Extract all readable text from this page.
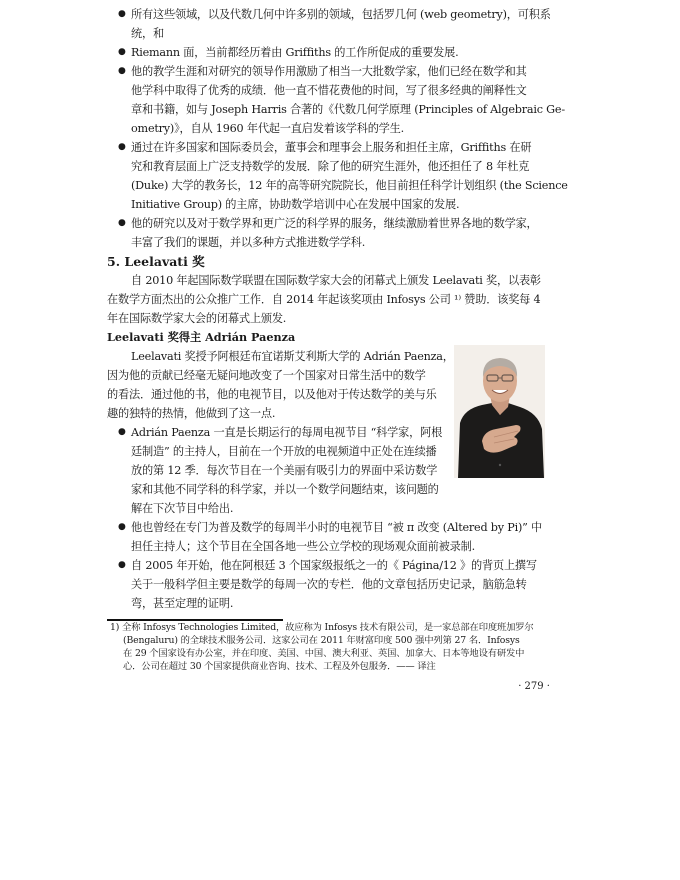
● 所有这些领域，以及代数几何中许多别的领域，包括罗几何 (web geometry)，可积系
统，和
● Riemann 面，当前都经历着由 Griffiths 的工作所促成的重要发展.
● 他的教学生涯和对研究的领导作用激励了相当一大批数学家，他们已经在数学和其
他学科中取得了优秀的成绩．他一直不惜花费他的时间，写了很多经典的阐释性文
章和书籍，如与 Joseph Harris 合著的《代数几何学原理 (Principles of Algebraic Ge-
ometry)》，自从 1960 年代起一直启发着该学科的学生.
● 通过在许多国家和国际委员会，董事会和理事会上服务和担任主席，Griffiths 在研
究和教育层面上广泛支持数学的发展．除了他的研究生涯外，他还担任了 8 年杜克
(Duke) 大学的教务长，12 年的高等研究院院长，他目前担任科学计划组织 (the Science
Initiative Group) 的主席，协助数学培训中心在发展中国家的发展.
● 他的研究以及对于数学界和更广泛的科学界的服务，继续激励着世界各地的数学家，
丰富了我们的课题，并以多种方式推进数学学科.
5. Leelavati 奖
自 2010 年起国际数学联盟在国际数学家大会的闭幕式上颁发 Leelavati 奖，以表彰
在数学方面杰出的公众推广工作．自 2014 年起该奖项由 Infosys 公司 ¹⁾ 赞助．该奖每 4
年在国际数学家大会的闭幕式上颁发.
Leelavati 奖得主 Adrián Paenza
Leelavati 奖授予阿根廷布宜诺斯艾利斯大学的 Adrián Paenza，
因为他的贡献已经毫无疑问地改变了一个国家对日常生活中的数学
的看法．通过他的书，他的电视节目，以及他对于传达数学的美与乐
趣的独特的热情，他做到了这一点.
● Adrián Paenza 一直是长期运行的每周电视节目 “科学家，阿根
廷制造” 的主持人，目前在一个开放的电视频道中正处在连续播
放的第 12 季．每次节目在一个美丽有吸引力的界面中采访数学
家和其他不同学科的科学家，并以一个数学问题结束，该问题的
解在下次节目中给出.
● 他也曾经在专门为普及数学的每周半小时的电视节目 “被 π 改变 (Altered by Pi)” 中
担任主持人；这个节目在全国各地一些公立学校的现场观众面前被录制.
● 自 2005 年开始，他在阿根廷 3 个国家级报纸之一的《 Página/12 》的背页上撰写
关于一般科学但主要是数学的每周一次的专栏．他的文章包括历史记录，脑筋急转
弯，甚至定理的证明.
1) 全称 Infosys Technologies Limited，故应称为 Infosys 技术有限公司，是一家总部在印度班加罗尔
(Bengaluru) 的全球技术服务公司．这家公司在 2011 年财富印度 500 强中列第 27 名．Infosys
在 29 个国家设有办公室，并在印度、美国、中国、澳大利亚、英国、加拿大、日本等地设有研发中
心．公司在超过 30 个国家提供商业咨询、技术、工程及外包服务．—— 译注
· 279 ·
